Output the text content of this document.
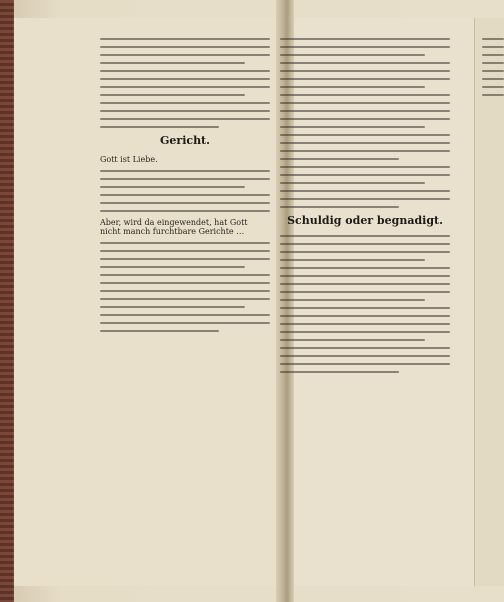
Gericht.
Gott ist Liebe.
Aber, wird da eingewendet, hat Gott nicht manch furchtbare Gerichte …
Schuldig oder begnadigt.
